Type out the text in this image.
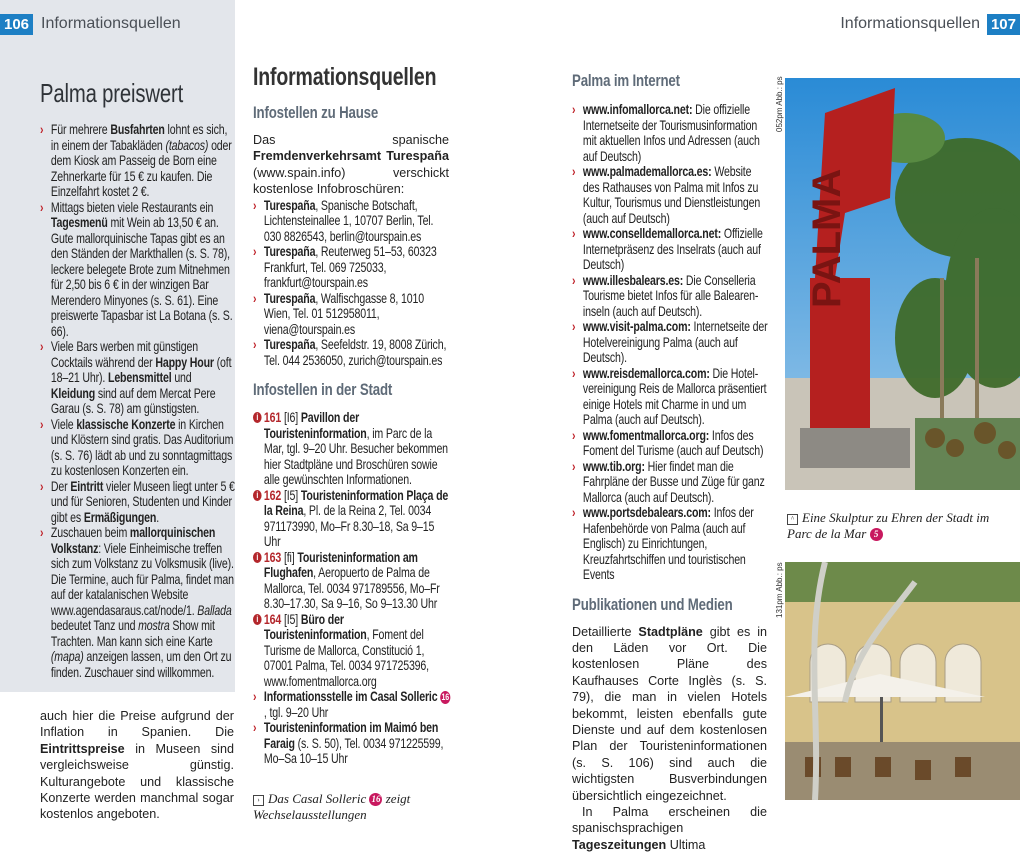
Palma preiswert
› Für mehrere Busfahrten lohnt es sich, in einem der Tabakläden (tabacos) oder dem Kiosk am Passeig de Born eine Zehnerkarte für 15 € zu kaufen. Die Einzelfahrt kostet 2 €.
› Mittags bieten viele Restaurants ein Tagesmenü mit Wein ab 13,50 € an. Gute mallorquinische Tapas gibt es an den Ständen der Markthallen (s. S. 78), leckere belegete Brote zum Mitnehmen für 2,50 bis 6 € in der winzigen Bar Merendero Minyones (s. S. 61). Eine preiswerte Tapasbar ist La Botana (s. S. 66).
› Viele Bars werben mit günstigen Cocktails während der Happy Hour (oft 18–21 Uhr). Lebensmittel und Kleidung sind auf dem Mercat Pere Garau (s. S. 78) am günstigsten.
› Viele klassische Konzerte in Kirchen und Klöstern sind gratis. Das Auditorium (s. S. 76) lädt ab und zu sonntagmittags zu kostenlosen Konzerten ein.
› Der Eintritt vieler Museen liegt unter 5 € und für Senioren, Studenten und Kinder gibt es Ermäßigungen.
› Zuschauen beim mallorquinischen Volkstanz: Viele Einheimische treffen sich zum Volkstanz zu Volksmusik (live). Die Termine, auch für Palma, findet man auf der katalanischen Website www.agendasaraus.cat/node/1. Ballada bedeutet Tanz und mostra Show mit Trachten. Man kann sich eine Karte (mapa) anzeigen lassen, um den Ort zu finden. Zuschauer sind willkommen.
auch hier die Preise aufgrund der Inflation in Spanien. Die Eintrittspreise in Museen sind vergleichsweise günstig. Kulturangebote und klassische Konzerte werden manchmal sogar kostenlos angeboten.
106 Informationsquellen
Informationsquellen
Infostellen zu Hause
Das spanische Fremdenverkehrsamt Turespaña (www.spain.info) verschickt kostenlose Infobroschüren:
› Turespaña, Spanische Botschaft, Lichtensteinallee 1, 10707 Berlin, Tel. 030 8826543, berlin@tourspain.es
› Turespaña, Reuterweg 51–53, 60323 Frankfurt, Tel. 069 725033, frankfurt@tourspain.es
› Turespaña, Walfischgasse 8, 1010 Wien, Tel. 01 512958011, viena@tourspain.es
› Turespaña, Seefeldstr. 19, 8008 Zürich, Tel. 044 2536050, zurich@tourspain.es
Infostellen in der Stadt
i 161 [I6] Pavillon der Touristeninformation, im Parc de la Mar, tgl. 9–20 Uhr. Besucher bekommen hier Stadtpläne und Broschüren sowie alle gewünschten Informationen.
i 162 [I5] Touristeninformation Plaça de la Reina, Pl. de la Reina 2, Tel. 0034 971173990, Mo–Fr 8.30–18, Sa 9–15 Uhr
i 163 [fi] Touristeninformation am Flughafen, Aeropuerto de Palma de Mallorca, Tel. 0034 971789556, Mo–Fr 8.30–17.30, Sa 9–16, So 9–13.30 Uhr
i 164 [I5] Büro der Touristeninformation, Foment del Turisme de Mallorca, Constitució 1, 07001 Palma, Tel. 0034 971725396, www.fomentmallorca.org
› Informationsstelle im Casal Solleric 16, tgl. 9–20 Uhr
› Touristeninformation im Maimó ben Faraig (s. S. 50), Tel. 0034 971225599, Mo–Sa 10–15 Uhr
› Das Casal Solleric 16 zeigt Wechselausstellungen
Informationsquellen 107
Palma im Internet
› www.infomallorca.net: Die offizielle Internetseite der Tourismusinformation mit aktuellen Infos und Adressen (auch auf Deutsch)
› www.palmademallorca.es: Website des Rathauses von Palma mit Infos zu Kultur, Tourismus und Dienstleistungen (auch auf Deutsch)
› www.conselldemallorca.net: Offizielle Internetpräsenz des Inselrats (auch auf Deutsch)
› www.illesbalears.es: Die Conselleria Tourisme bietet Infos für alle Baleareninseln (auch auf Deutsch).
› www.visit-palma.com: Internetseite der Hotelvereinigung Palma (auch auf Deutsch).
› www.reisdemallorca.com: Die Hotelvereinigung Reis de Mallorca präsentiert einige Hotels mit Charme in und um Palma (auch auf Deutsch).
› www.fomentmallorca.org: Infos des Foment del Turisme (auch auf Deutsch)
› www.tib.org: Hier findet man die Fahrpläne der Busse und Züge für ganz Mallorca (auch auf Deutsch).
› www.portsdebalears.com: Infos der Hafenbehörde von Palma (auch auf Englisch) zu Einrichtungen, Kreuzfahrtschiffen und touristischen Events
Publikationen und Medien
Detaillierte Stadtpläne gibt es in den Läden vor Ort. Die kostenlosen Pläne des Kaufhauses Corte Inglès (s. S. 79), die man in vielen Hotels bekommt, leisten ebenfalls gute Dienste und auf dem kostenlosen Plan der Touristeninformationen (s. S. 106) sind auch die wichtigsten Busverbindungen übersichtlich eingezeichnet.
In Palma erscheinen die spanischsprachigen Tageszeitungen Ultima
052pm Abb.: ps
131pm Abb.: ps
PALMA
^ Eine Skulptur zu Ehren der Stadt im Parc de la Mar 5
